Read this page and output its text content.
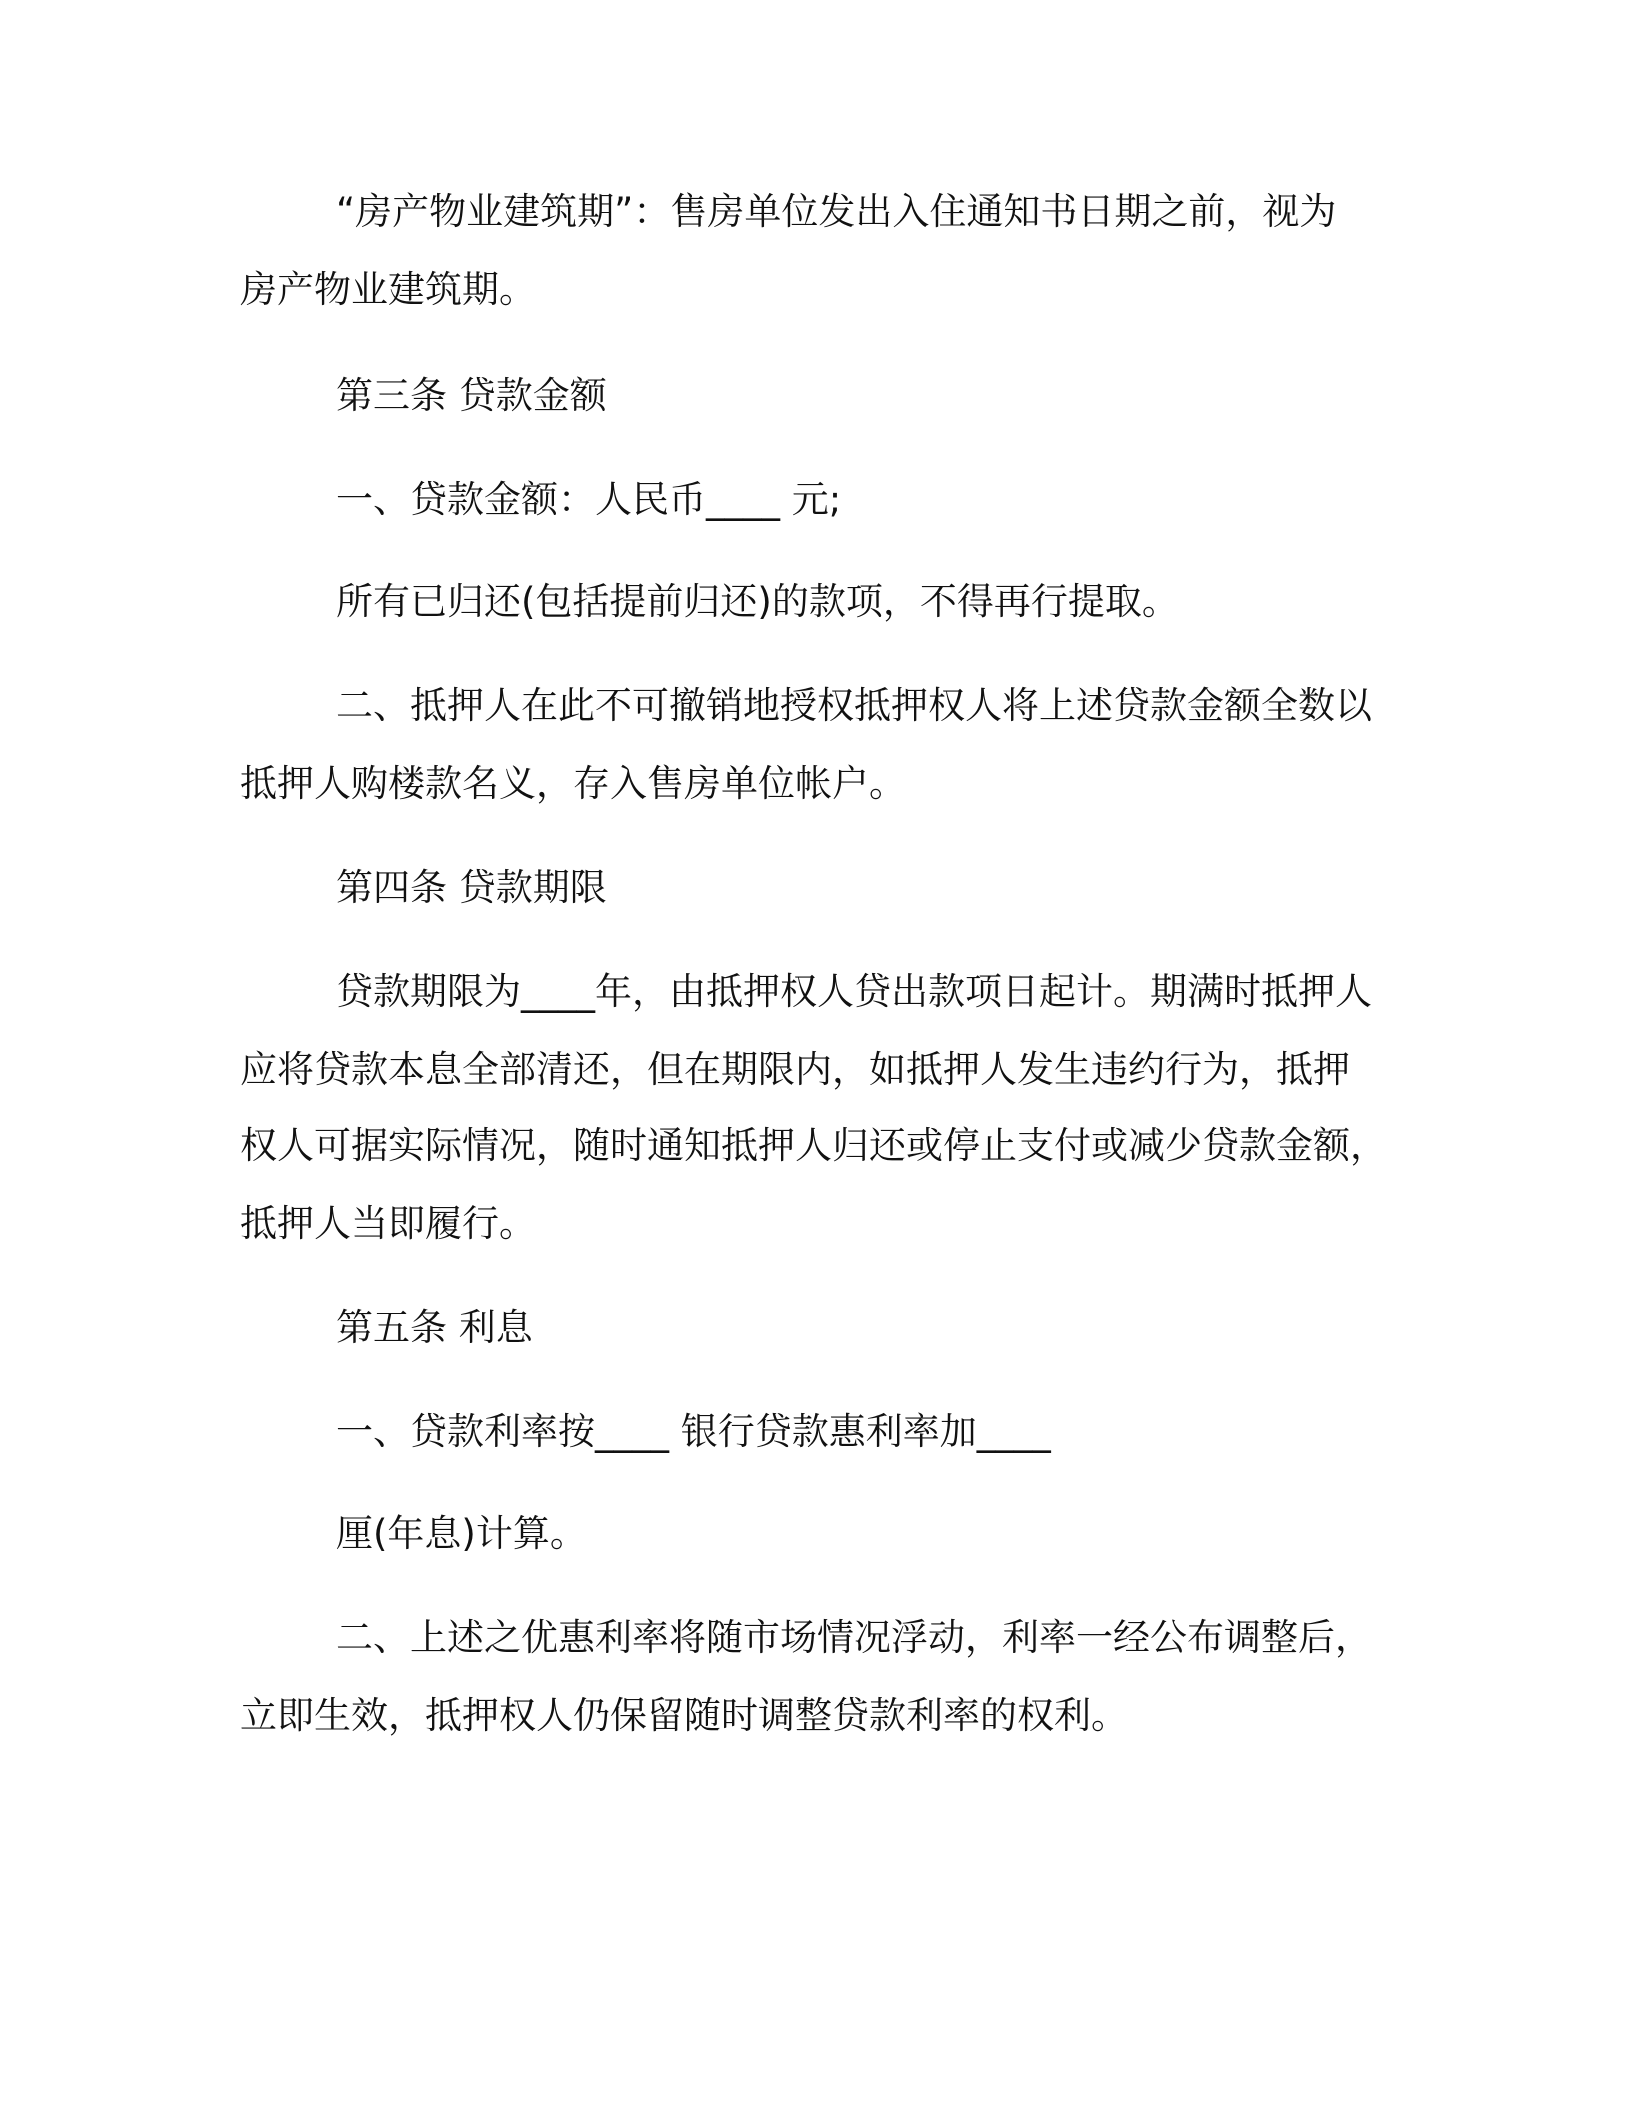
“房产物业建筑期”：售房单位发出入住通知书日期之前，视为

房产物业建筑期。

第三条 贷款金额

一、贷款金额：人民币____ 元;

所有已归还(包括提前归还)的款项，不得再行提取。

二、抵押人在此不可撤销地授权抵押权人将上述贷款金额全数以

抵押人购楼款名义，存入售房单位帐户。

第四条 贷款期限

贷款期限为____年，由抵押权人贷出款项日起计。期满时抵押人

应将贷款本息全部清还，但在期限内，如抵押人发生违约行为，抵押

权人可据实际情况，随时通知抵押人归还或停止支付或减少贷款金额，

抵押人当即履行。

第五条 利息

一、贷款利率按____ 银行贷款惠利率加____

厘(年息)计算。

二、上述之优惠利率将随市场情况浮动，利率一经公布调整后，

立即生效，抵押权人仍保留随时调整贷款利率的权利。
